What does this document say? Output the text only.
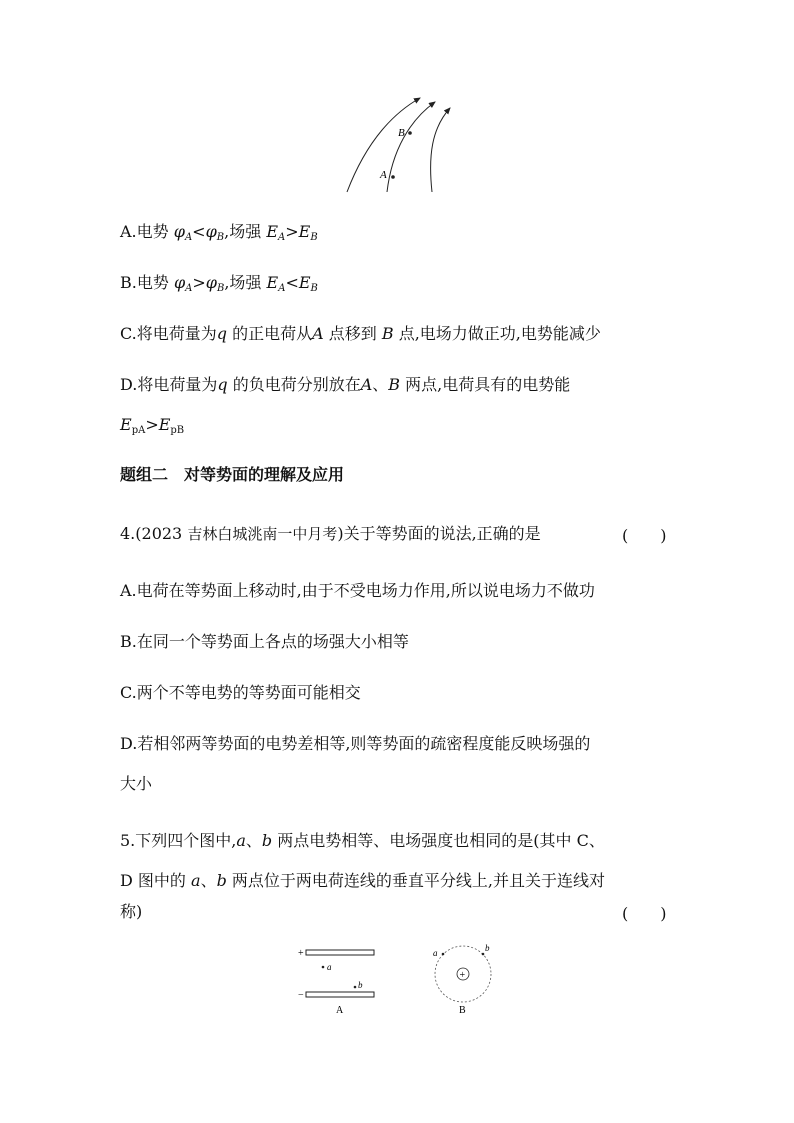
A
B
A.电势 $\varphi_A<\varphi_B$,场强 $E_A>E_B$
B.电势 $\varphi_A>\varphi_B$,场强 $E_A<E_B$
C.将电荷量为q 的正电荷从A 点移到 B 点,电场力做正功,电势能减少
D.将电荷量为q 的负电荷分别放在A、B 两点,电荷具有的电势能
$E_{pA}>E_{pB}$
题组二　对等势面的理解及应用
4.(2023 吉林白城洮南一中月考)关于等势面的说法,正确的是	(　　)
A.电荷在等势面上移动时,由于不受电场力作用,所以说电场力不做功
B.在同一个等势面上各点的场强大小相等
C.两个不等电势的等势面可能相交
D.若相邻两等势面的电势差相等,则等势面的疏密程度能反映场强的
大小
5.下列四个图中,a、b 两点电势相等、电场强度也相同的是(其中 C、
D 图中的 a、b 两点位于两电荷连线的垂直平分线上,并且关于连线对
称)	(　　)
+
−
a
b
A
+
a	b
B
